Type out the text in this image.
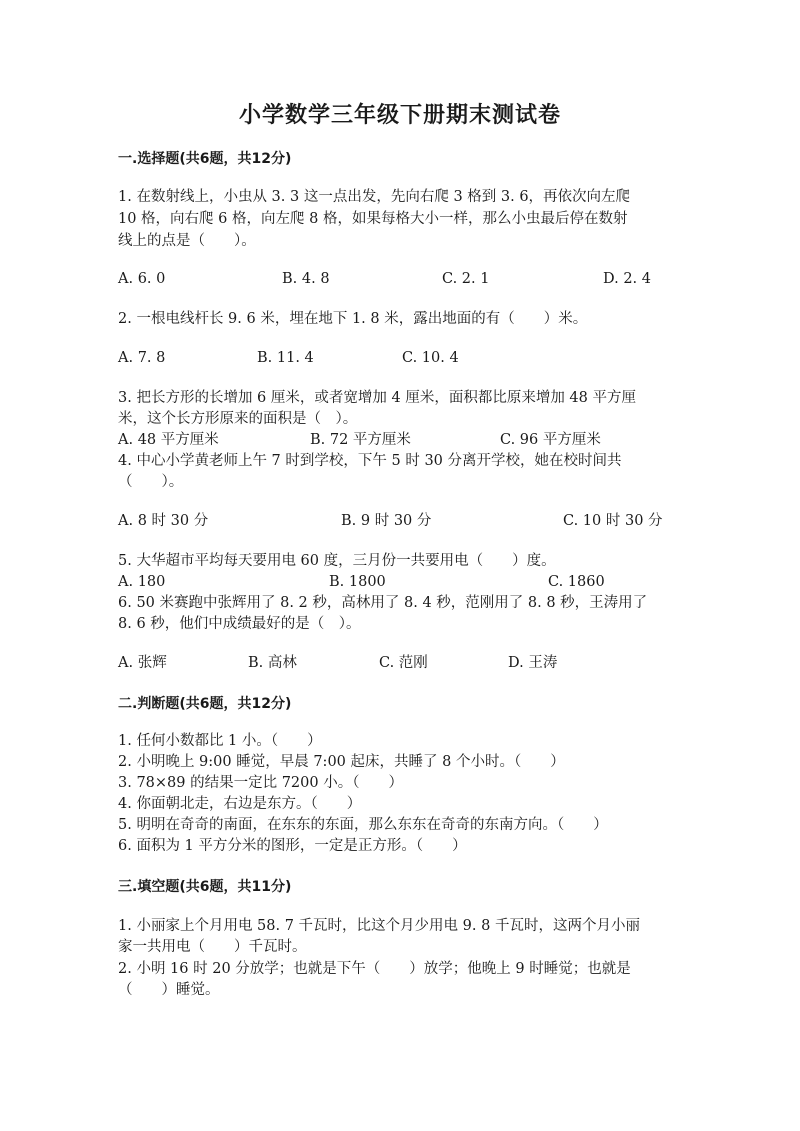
小学数学三年级下册期末测试卷
一.选择题(共6题，共12分)
1. 在数射线上，小虫从 3. 3 这一点出发，先向右爬 3 格到 3. 6，再依次向左爬
10 格，向右爬 6 格，向左爬 8 格，如果每格大小一样，那么小虫最后停在数射
线上的点是（　　）。
A. 6. 0	B. 4. 8	C. 2. 1	D. 2. 4
2. 一根电线杆长 9. 6 米，埋在地下 1. 8 米，露出地面的有（　　）米。
A. 7. 8	B. 11. 4	C. 10. 4
3. 把长方形的长增加 6 厘米，或者宽增加 4 厘米，面积都比原来增加 48 平方厘
米，这个长方形原来的面积是（　）。
A. 48 平方厘米	B. 72 平方厘米	C. 96 平方厘米
4. 中心小学黄老师上午 7 时到学校，下午 5 时 30 分离开学校，她在校时间共
（　　）。
A. 8 时 30 分	B. 9 时 30 分	C. 10 时 30 分
5. 大华超市平均每天要用电 60 度，三月份一共要用电（　　）度。
A. 180	B. 1800	C. 1860
6. 50 米赛跑中张辉用了 8. 2 秒，高林用了 8. 4 秒，范刚用了 8. 8 秒，王涛用了
8. 6 秒，他们中成绩最好的是（　）。
A. 张辉	B. 高林	C. 范刚	D. 王涛
二.判断题(共6题，共12分)
1. 任何小数都比 1 小。（　　）
2. 小明晚上 9:00 睡觉，早晨 7:00 起床，共睡了 8 个小时。（　　）
3. 78×89 的结果一定比 7200 小。（　　）
4. 你面朝北走，右边是东方。（　　）
5. 明明在奇奇的南面，在东东的东面，那么东东在奇奇的东南方向。（　　）
6. 面积为 1 平方分米的图形，一定是正方形。（　　）
三.填空题(共6题，共11分)
1. 小丽家上个月用电 58. 7 千瓦时，比这个月少用电 9. 8 千瓦时，这两个月小丽
家一共用电（　　）千瓦时。
2. 小明 16 时 20 分放学；也就是下午（　　）放学；他晚上 9 时睡觉；也就是
（　　）睡觉。
